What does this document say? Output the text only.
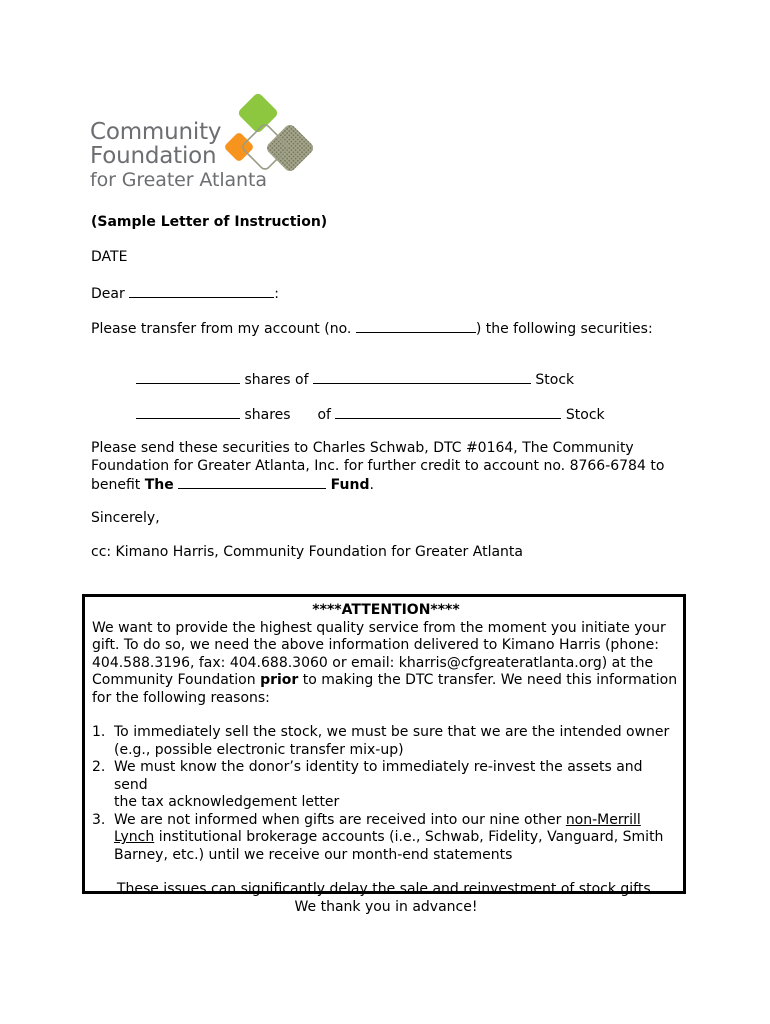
Community
Foundation
for Greater Atlanta
(Sample Letter of Instruction)
DATE
Dear	:
Please transfer from my account (no.	) the following securities:
shares of	Stock
shares of	Stock
Please send these securities to Charles Schwab, DTC #0164, The Community
Foundation for Greater Atlanta, Inc. for further credit to account no. 8766-6784 to
benefit The	Fund.
Sincerely,
cc: Kimano Harris, Community Foundation for Greater Atlanta
****ATTENTION****
We want to provide the highest quality service from the moment you initiate your
gift. To do so, we need the above information delivered to Kimano Harris (phone:
404.588.3196, fax: 404.688.3060 or email: kharris@cfgreateratlanta.org) at the
Community Foundation prior to making the DTC transfer. We need this information
for the following reasons:
1. To immediately sell the stock, we must be sure that we are the intended owner
(e.g., possible electronic transfer mix-up)
2. We must know the donor’s identity to immediately re-invest the assets and send
the tax acknowledgement letter
3. We are not informed when gifts are received into our nine other non-Merrill
Lynch institutional brokerage accounts (i.e., Schwab, Fidelity, Vanguard, Smith
Barney, etc.) until we receive our month-end statements
These issues can significantly delay the sale and reinvestment of stock gifts.
We thank you in advance!
